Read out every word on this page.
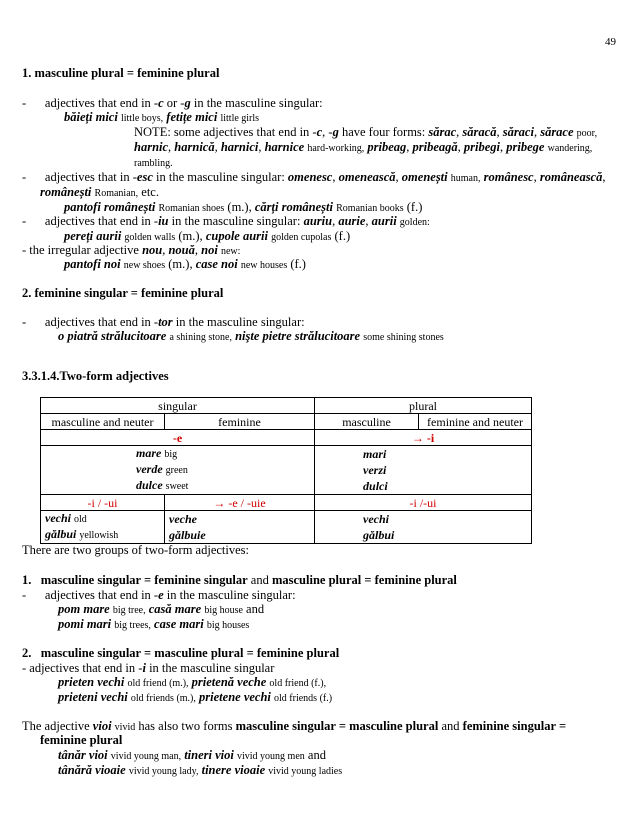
49
1. masculine plural = feminine plural
- adjectives that end in -c or -g in the masculine singular:
băieți mici little boys, fetițe mici little girls
NOTE: some adjectives that end in -c, -g have four forms: sărac, săracă, săraci, sărace poor,
harnic, harnică, harnici, harnice hard-working, pribeag, pribeagă, pribegi, pribege wandering,
rambling.
- adjectives that in -esc in the masculine singular: omenesc, omenească, omenești human, românesc, românească,
românești Romanian, etc.
pantofi românești Romanian shoes (m.), cărți românești Romanian books (f.)
- adjectives that end in -iu in the masculine singular: auriu, aurie, aurii golden:
pereți aurii golden walls (m.), cupole aurii golden cupolas (f.)
- the irregular adjective nou, nouă, noi new:
pantofi noi new shoes (m.), case noi new houses (f.)
2. feminine singular = feminine plural
- adjectives that end in -tor in the masculine singular:
o piatră strălucitoare a shining stone, nişte pietre strălucitoare some shining stones
3.3.1.4.Two-form adjectives
singular		plural	
masculine and neuter	feminine	masculine	feminine and neuter
-e		→ -i	
mare big		mari	
verde green		verzi	
dulce sweet		dulci	
-i / -ui	→ -e / -uie	-i /-ui	
vechi old	veche	vechi	
gălbui yellowish	gălbuie	gălbui	
There are two groups of two-form adjectives:
1. masculine singular = feminine singular and masculine plural = feminine plural
- adjectives that end in -e in the masculine singular:
pom mare big tree, casă mare big house and
pomi mari big trees, case mari big houses
2. masculine singular = masculine plural = feminine plural
- adjectives that end in -i in the masculine singular
prieten vechi old friend (m.), prietenă veche old friend (f.),
prieteni vechi old friends (m.), prietene vechi old friends (f.)
The adjective vioi vivid has also two forms masculine singular = masculine plural and feminine singular =
feminine plural
tânăr vioi vivid young man, tineri vioi vivid young men and
tânără vioaie vivid young lady, tinere vioaie vivid young ladies
